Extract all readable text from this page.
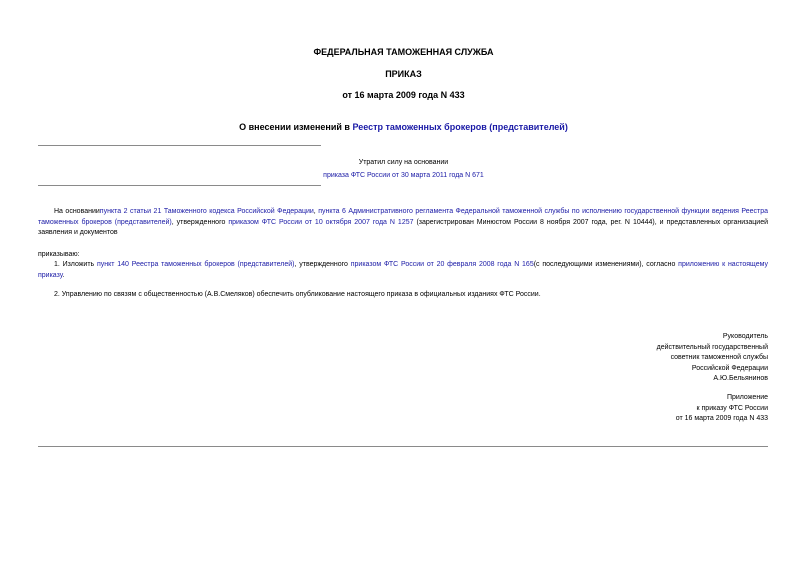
ФЕДЕРАЛЬНАЯ ТАМОЖЕННАЯ СЛУЖБА
ПРИКАЗ
от 16 марта 2009 года N 433
О внесении изменений в Реестр таможенных брокеров (представителей)
Утратил силу на основании
приказа ФТС России от 30 марта 2011 года N 671
На основаниипункта 2 статьи 21 Таможенного кодекса Российской Федерации, пункта 6 Административного регламента Федеральной таможенной службы по исполнению государственной функции ведения Реестра таможенных брокеров (представителей), утвержденного приказом ФТС России от 10 октября 2007 года N 1257 (зарегистрирован Минюстом России 8 ноября 2007 года, рег. N 10444), и представленных организацией заявления и документов
приказываю:
1. Изложить пункт 140 Реестра таможенных брокеров (представителей), утвержденного приказом ФТС России от 20 февраля 2008 года N 165(с последующими изменениями), согласно приложению к настоящему приказу.
2. Управлению по связям с общественностью (А.В.Смеляков) обеспечить опубликование настоящего приказа в официальных изданиях ФТС России.
Руководитель
действительный государственный
советник таможенной службы
Российской Федерации
А.Ю.Бельянинов
Приложение
к приказу ФТС России
от 16 марта 2009 года N 433
